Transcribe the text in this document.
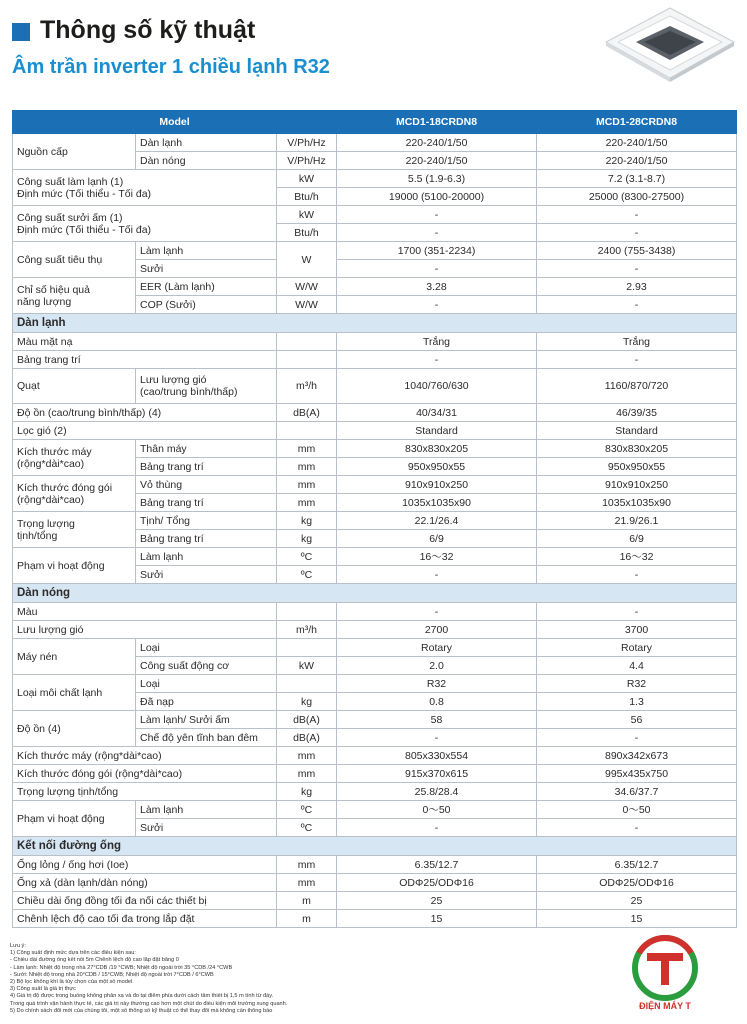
Thông số kỹ thuật
Âm trần inverter 1 chiều lạnh R32
Model			MCD1-18CRDN8	MCD1-28CRDN8
Nguồn cấp	Dàn lạnh	V/Ph/Hz	220-240/1/50	220-240/1/50
	Dàn nóng	V/Ph/Hz	220-240/1/50	220-240/1/50
Công suất làm lạnh (1)
Định mức (Tối thiểu - Tối đa)		kW	5.5 (1.9-6.3)	7.2 (3.1-8.7)
		Btu/h	19000 (5100-20000)	25000 (8300-27500)
Công suất sưởi ấm (1)
Định mức (Tối thiểu - Tối đa)		kW	-	-
		Btu/h	-	-
Công suất tiêu thụ	Làm lạnh	W	1700 (351-2234)	2400 (755-3438)
	Sưởi		-	-
Chỉ số hiệu quả
năng lượng	EER (Làm lạnh)	W/W	3.28	2.93
	COP (Sưởi)	W/W	-	-
Dàn lạnh				
Màu mặt nạ			Trắng	Trắng
Bảng trang trí			-	-
Quạt	Lưu lượng gió
(cao/trung bình/thấp)	m³/h	1040/760/630	1160/870/720
Độ ồn (cao/trung bình/thấp) (4)		dB(A)	40/34/31	46/39/35
Lọc gió (2)			Standard	Standard
Kích thước máy
(rộng*dài*cao)	Thân máy	mm	830x830x205	830x830x205
	Bảng trang trí	mm	950x950x55	950x950x55
Kích thước đóng gói
(rộng*dài*cao)	Vỏ thùng	mm	910x910x250	910x910x250
	Bảng trang trí	mm	1035x1035x90	1035x1035x90
Trọng lượng
tịnh/tổng	Tịnh/ Tổng	kg	22.1/26.4	21.9/26.1
	Bảng trang trí	kg	6/9	6/9
Phạm vi hoạt động	Làm lạnh	ºC	16～32	16～32
	Sưởi	ºC	-	-
Dàn nóng				
Màu			-	-
Lưu lượng gió		m³/h	2700	3700
Máy nén	Loại		Rotary	Rotary
	Công suất động cơ	kW	2.0	4.4
Loại môi chất lạnh	Loại		R32	R32
	Đã nạp	kg	0.8	1.3
Độ ồn (4)	Làm lạnh/ Sưởi ấm	dB(A)	58	56
	Chế độ yên tĩnh ban đêm	dB(A)	-	-
Kích thước máy (rộng*dài*cao)		mm	805x330x554	890x342x673
Kích thước đóng gói (rộng*dài*cao)		mm	915x370x615	995x435x750
Trọng lượng tịnh/tổng		kg	25.8/28.4	34.6/37.7
Phạm vi hoạt động	Làm lạnh	ºC	0～50	0～50
	Sưởi	ºC	-	-
Kết nối đường ống				
Ống lỏng / ống hơi (Ioe)		mm	6.35/12.7	6.35/12.7
Ống xả (dàn lạnh/dàn nóng)		mm	ODΦ25/ODΦ16	ODΦ25/ODΦ16
Chiều dài ống đồng tối đa nối các thiết bị		m	25	25
Chênh lệch độ cao tối đa trong lắp đặt		m	15	15
Lưu ý:
1) Công suất định mức dựa trên các điều kiện sau:
- Chiều dài đường ống kết nối 5m Chênh lệch độ cao lắp đặt bằng 0
- Làm lạnh: Nhiệt độ trong nhà 27°CDB /19 °CWB; Nhiệt độ ngoài trời 35 °CDB /24 °CWB
- Sưởi: Nhiệt độ trong nhà 20°CDB / 15°CWB; Nhiệt độ ngoài trời 7°CDB / 6°CWB
2) Bộ lọc không khí là tùy chọn của một số model
3) Công suất là giá trị thực
4) Giá trị độ được trong buồng không phản xạ và đo tại điểm phía dưới cách tâm thiết bị 1,5 m tính từ đáy.
Trong quá trình vận hành thực tế, các giá trị này thường cao hơn một chút do điều kiện môi trường xung quanh.
5) Do chính sách đổi mới của chúng tôi, một số thông số kỹ thuật có thể thay đổi mà không cần thông báo	ĐIỆN MÁY T
